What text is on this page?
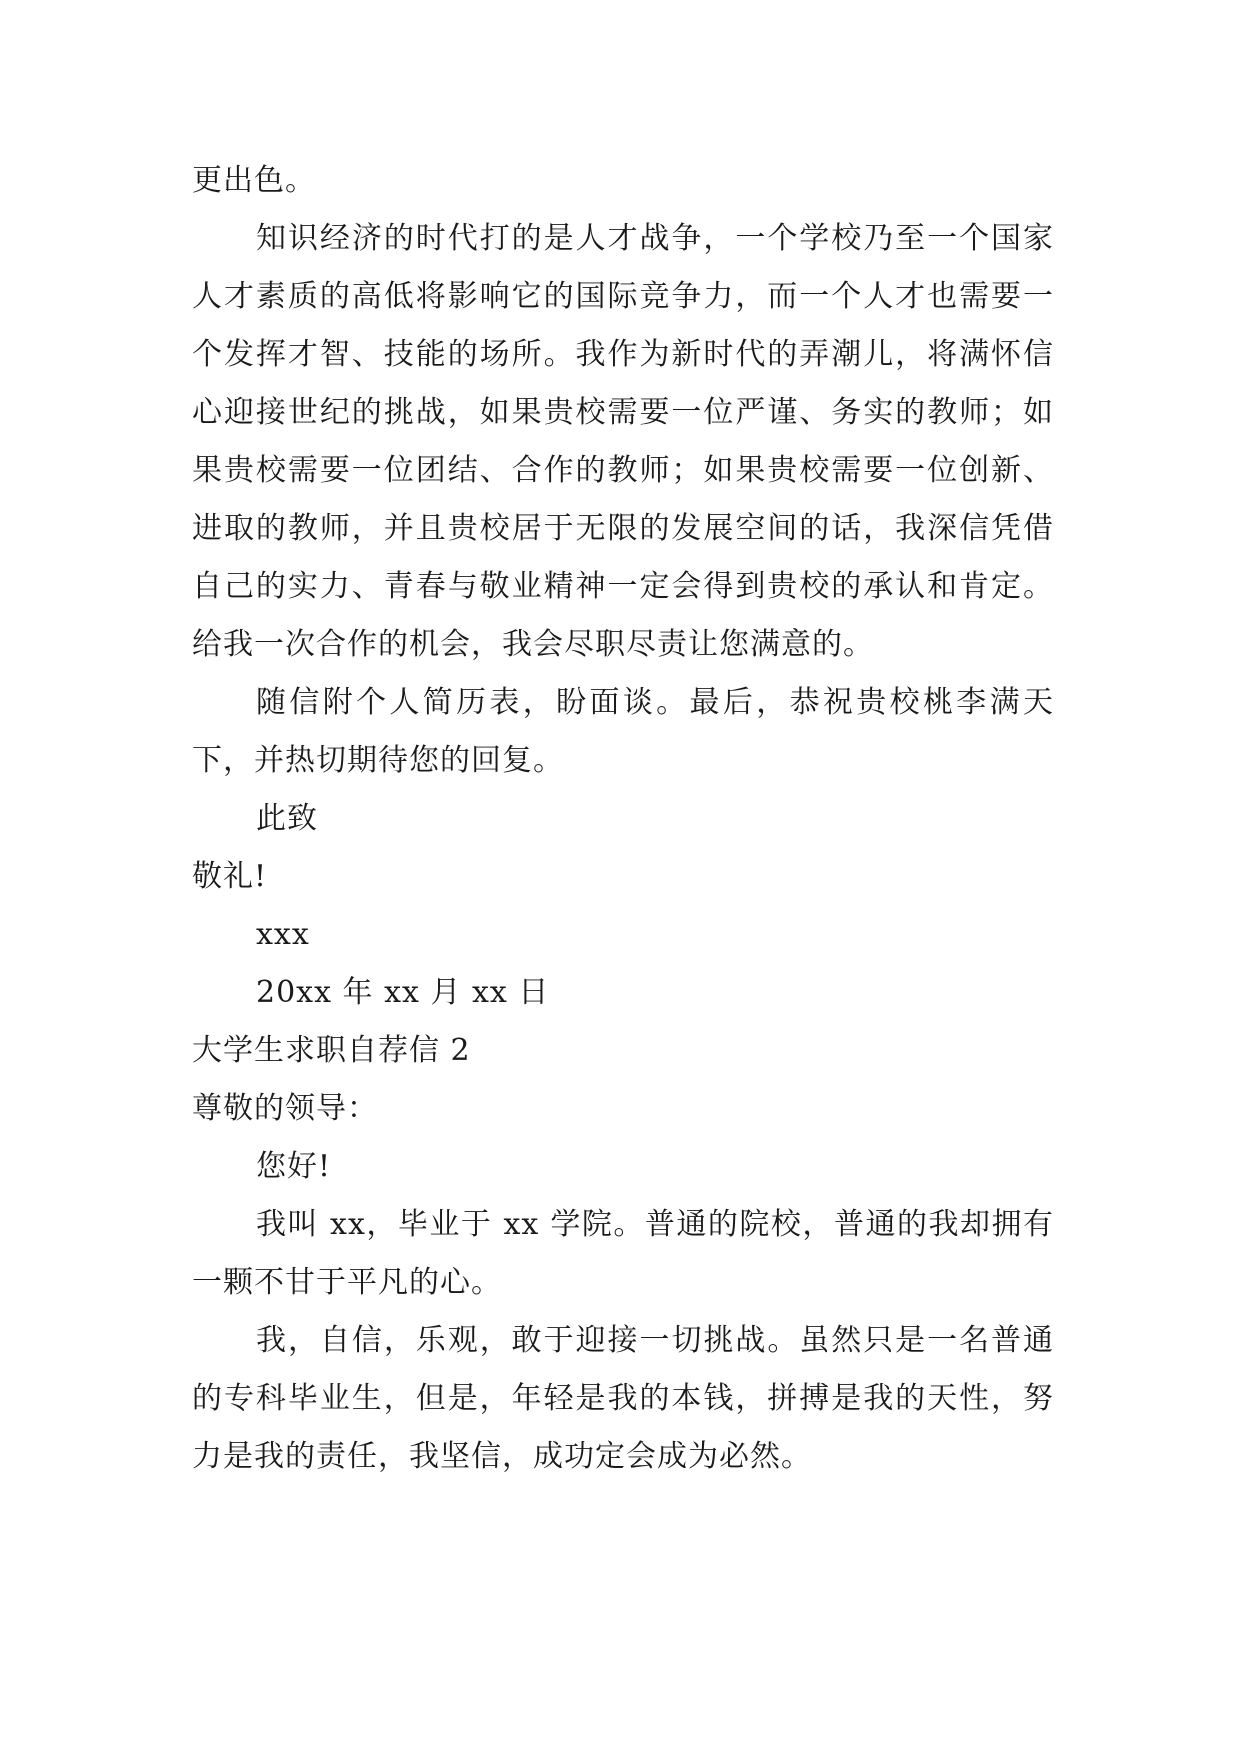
更出色。

知识经济的时代打的是人才战争，一个学校乃至一个国家人才素质的高低将影响它的国际竞争力，而一个人才也需要一个发挥才智、技能的场所。我作为新时代的弄潮儿，将满怀信心迎接世纪的挑战，如果贵校需要一位严谨、务实的教师；如果贵校需要一位团结、合作的教师；如果贵校需要一位创新、进取的教师，并且贵校居于无限的发展空间的话，我深信凭借自己的实力、青春与敬业精神一定会得到贵校的承认和肯定。给我一次合作的机会，我会尽职尽责让您满意的。

随信附个人简历表，盼面谈。最后，恭祝贵校桃李满天下，并热切期待您的回复。

此致

敬礼!

xxx

20xx 年 xx 月 xx 日

大学生求职自荐信 2

尊敬的领导：

您好!

我叫 xx，毕业于 xx 学院。普通的院校，普通的我却拥有一颗不甘于平凡的心。

我，自信，乐观，敢于迎接一切挑战。虽然只是一名普通的专科毕业生，但是，年轻是我的本钱，拼搏是我的天性，努力是我的责任，我坚信，成功定会成为必然。
